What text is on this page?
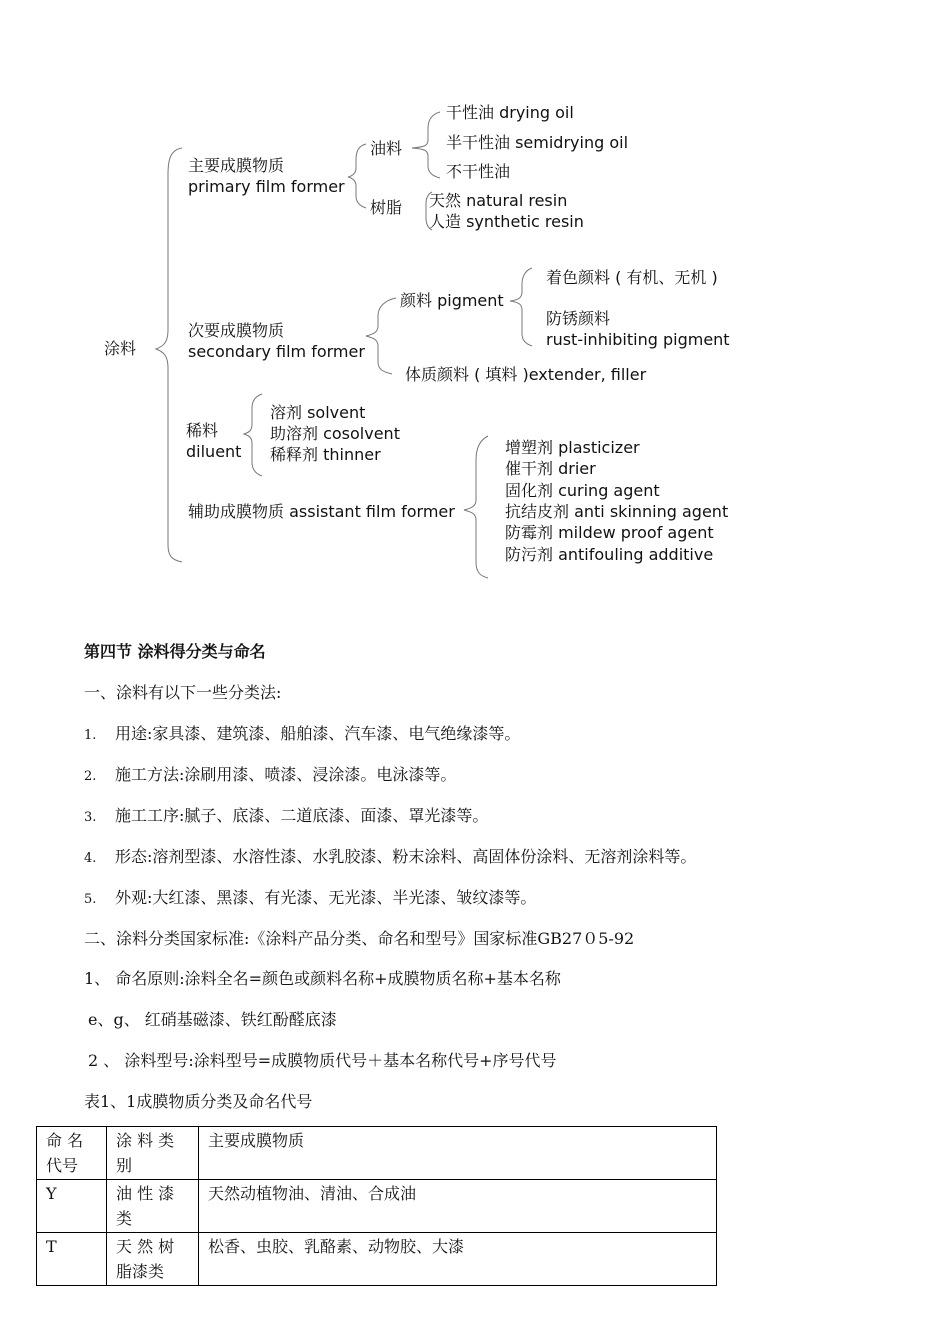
涂料
主要成膜物质
primary film former
油料
干性油 drying oil
半干性油 semidrying oil
不干性油
树脂 天然 natural resin
人造 synthetic resin
次要成膜物质
secondary film former
颜料 pigment
着色颜料 ( 有机、无机 )
防锈颜料
rust-inhibiting pigment
体质颜料 ( 填料 )extender, filler
稀料
diluent
溶剂 solvent
助溶剂 cosolvent
稀释剂 thinner
辅助成膜物质 assistant film former
增塑剂 plasticizer
催干剂 drier
固化剂 curing agent
抗结皮剂 anti skinning agent
防霉剂 mildew proof agent
防污剂 antifouling additive
第四节 涂料得分类与命名
一、涂料有以下一些分类法:
1. 用途:家具漆、建筑漆、船舶漆、汽车漆、电气绝缘漆等。
2. 施工方法:涂刷用漆、喷漆、浸涂漆。电泳漆等。
3. 施工工序:腻子、底漆、二道底漆、面漆、罩光漆等。
4. 形态:溶剂型漆、水溶性漆、水乳胶漆、粉末涂料、高固体份涂料、无溶剂涂料等。
5. 外观:大红漆、黑漆、有光漆、无光漆、半光漆、皱纹漆等。
二、涂料分类国家标准:《涂料产品分类、命名和型号》国家标准GB27０5-92
1、 命名原则:涂料全名=颜色或颜料名称+成膜物质名称+基本名称
e、g、 红硝基磁漆、铁红酚醛底漆
2 、 涂料型号:涂料型号=成膜物质代号＋基本名称代号+序号代号
表1、1成膜物质分类及命名代号
命 名 代号	涂 料 类 别	主要成膜物质
Y	油 性 漆 类	天然动植物油、清油、合成油
T	天 然 树 脂漆类	松香、虫胶、乳酪素、动物胶、大漆
